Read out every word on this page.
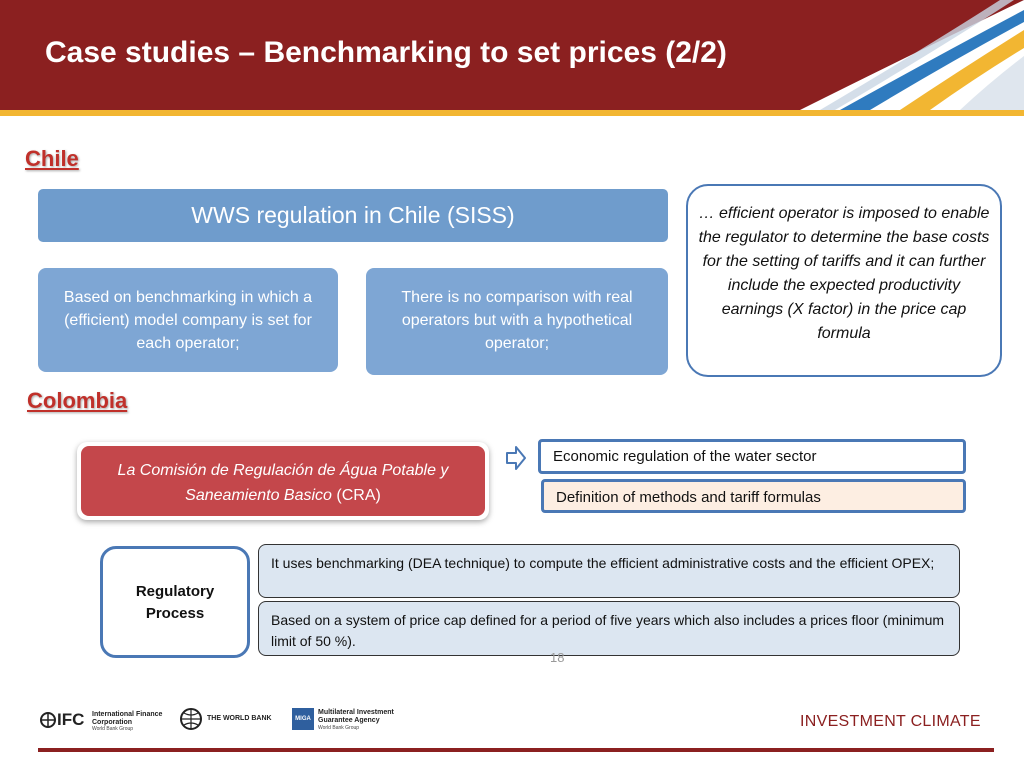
Case studies – Benchmarking to set prices (2/2)
Chile
WWS regulation in Chile (SISS)
Based on benchmarking in which a (efficient) model company is set for each operator;
There is no comparison with real operators but with a hypothetical operator;
… efficient operator is imposed to enable the regulator to determine the base costs for the setting of tariffs and it can further include the expected productivity earnings (X factor) in the price cap formula
Colombia
La Comisión de Regulación de Água Potable y Saneamiento Basico (CRA)
Economic regulation of the water sector
Definition of methods and tariff formulas
Regulatory Process
It uses benchmarking (DEA technique) to compute the efficient administrative costs and the efficient OPEX;
Based on a system of price cap defined for a period of five years which also includes a prices floor (minimum limit of 50 %).
18
IFC International Finance Corporation
World Bank Group
THE WORLD BANK	MIGA
Multilateral Investment Guarantee Agency
World Bank Group	INVESTMENT CLIMATE
